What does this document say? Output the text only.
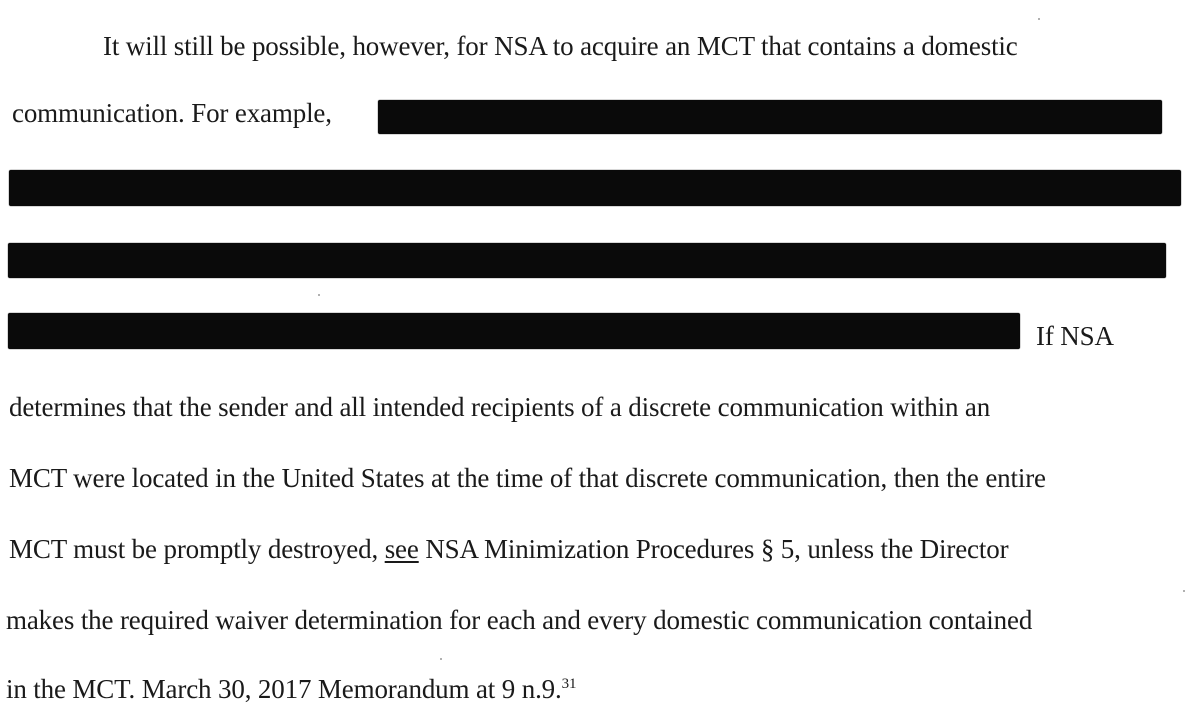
It will still be possible, however, for NSA to acquire an MCT that contains a domestic
communication. For example,
If NSA
determines that the sender and all intended recipients of a discrete communication within an
MCT were located in the United States at the time of that discrete communication, then the entire
MCT must be promptly destroyed, see NSA Minimization Procedures § 5, unless the Director
makes the required waiver determination for each and every domestic communication contained
in the MCT. March 30, 2017 Memorandum at 9 n.9.31
